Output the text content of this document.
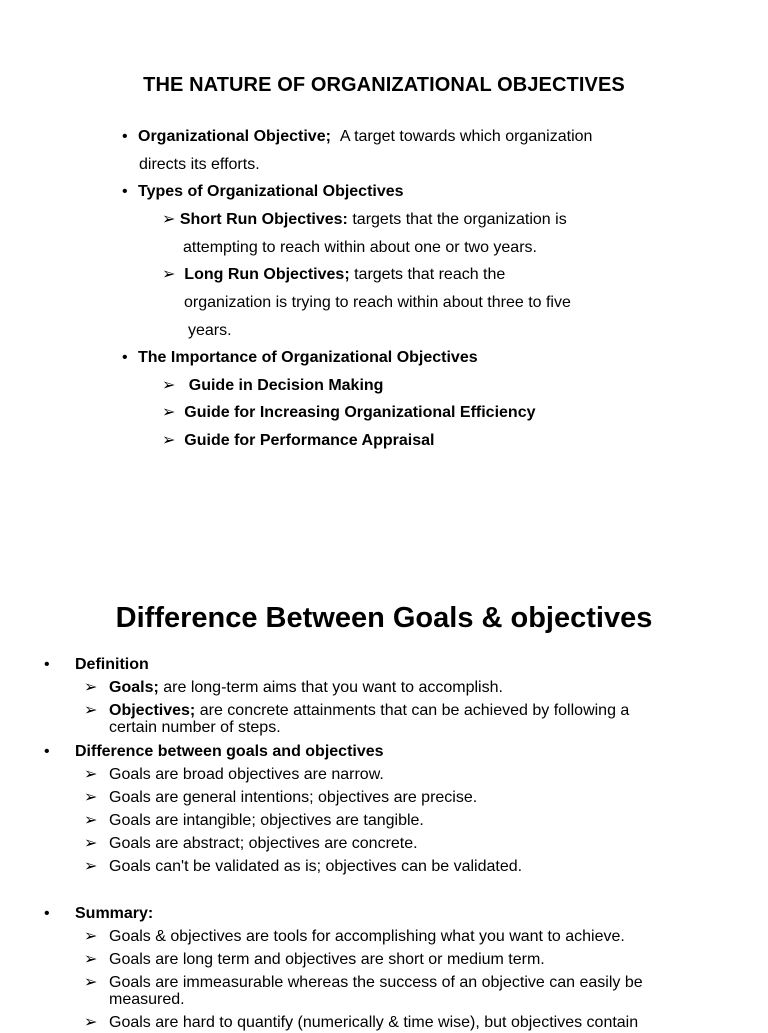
THE NATURE OF ORGANIZATIONAL OBJECTIVES
• Organizational Objective; A target towards which organization
directs its efforts.
• Types of Organizational Objectives
➢ Short Run Objectives: targets that the organization is
attempting to reach within about one or two years.
➢ Long Run Objectives; targets that reach the
organization is trying to reach within about three to five
years.
• The Importance of Organizational Objectives
➢ Guide in Decision Making
➢ Guide for Increasing Organizational Efficiency
➢ Guide for Performance Appraisal
Difference Between Goals & objectives
• Definition
➢ Goals; are long-term aims that you want to accomplish.
➢ Objectives; are concrete attainments that can be achieved by following a
certain number of steps.
• Difference between goals and objectives
➢ Goals are broad objectives are narrow.
➢ Goals are general intentions; objectives are precise.
➢ Goals are intangible; objectives are tangible.
➢ Goals are abstract; objectives are concrete.
➢ Goals can't be validated as is; objectives can be validated.
• Summary:
➢ Goals & objectives are tools for accomplishing what you want to achieve.
➢ Goals are long term and objectives are short or medium term.
➢ Goals are immeasurable whereas the success of an objective can easily be
measured.
➢ Goals are hard to quantify (numerically & time wise), but objectives contain
